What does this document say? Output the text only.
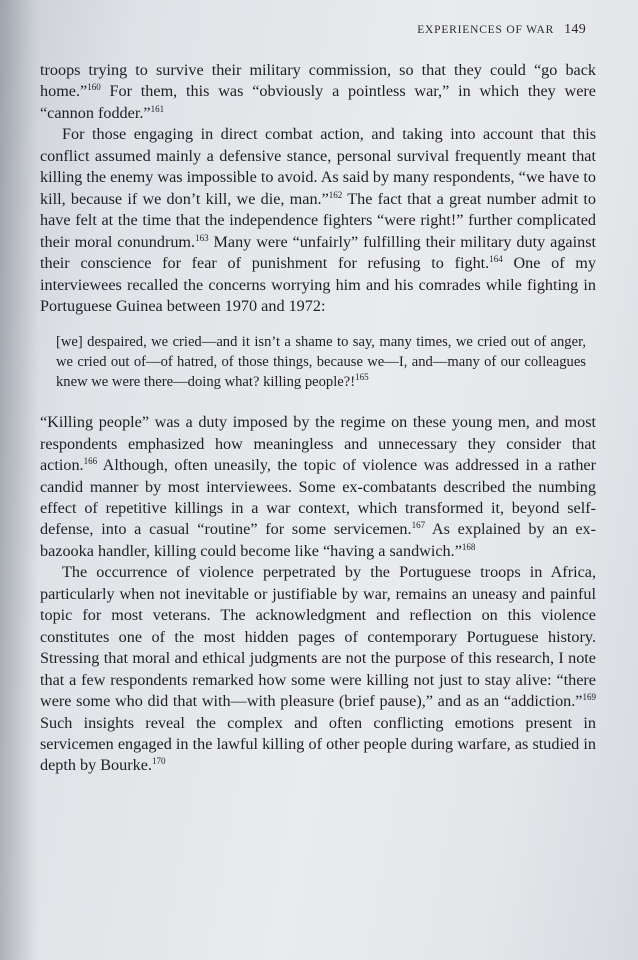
EXPERIENCES OF WAR 149

troops trying to survive their military commission, so that they could “go back home.”$^{160}$ For them, this was “obviously a pointless war,” in which they were “cannon fodder.”$^{161}$

For those engaging in direct combat action, and taking into account that this conflict assumed mainly a defensive stance, personal survival frequently meant that killing the enemy was impossible to avoid. As said by many respondents, “we have to kill, because if we don’t kill, we die, man.”$^{162}$ The fact that a great number admit to have felt at the time that the independence fighters “were right!” further complicated their moral conundrum.$^{163}$ Many were “unfairly” fulfilling their military duty against their conscience for fear of punishment for refusing to fight.$^{164}$ One of my interviewees recalled the concerns worrying him and his comrades while fighting in Portuguese Guinea between 1970 and 1972:

[we] despaired, we cried—and it isn’t a shame to say, many times, we cried out of anger, we cried out of—of hatred, of those things, because we—I, and—many of our colleagues knew we were there—doing what? killing people?!$^{165}$

“Killing people” was a duty imposed by the regime on these young men, and most respondents emphasized how meaningless and unnecessary they consider that action.$^{166}$ Although, often uneasily, the topic of violence was addressed in a rather candid manner by most interviewees. Some ex-combatants described the numbing effect of repetitive killings in a war context, which transformed it, beyond self-defense, into a casual “routine” for some servicemen.$^{167}$ As explained by an ex-bazooka handler, killing could become like “having a sandwich.”$^{168}$

The occurrence of violence perpetrated by the Portuguese troops in Africa, particularly when not inevitable or justifiable by war, remains an uneasy and painful topic for most veterans. The acknowledgment and reflection on this violence constitutes one of the most hidden pages of contemporary Portuguese history. Stressing that moral and ethical judgments are not the purpose of this research, I note that a few respondents remarked how some were killing not just to stay alive: “there were some who did that with—with pleasure (brief pause),” and as an “addiction.”$^{169}$ Such insights reveal the complex and often conflicting emotions present in servicemen engaged in the lawful killing of other people during warfare, as studied in depth by Bourke.$^{170}$
